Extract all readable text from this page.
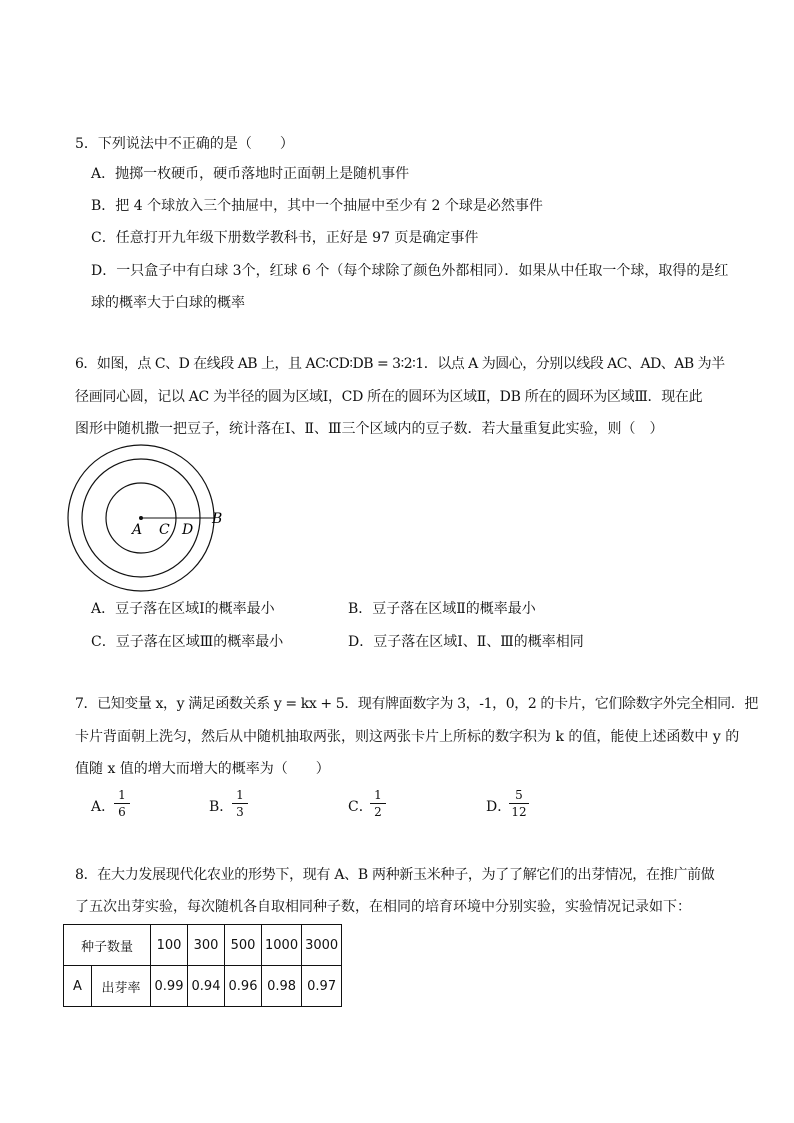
5．下列说法中不正确的是（　　）
A．抛掷一枚硬币，硬币落地时正面朝上是随机事件
B．把 4 个球放入三个抽屉中，其中一个抽屉中至少有 2 个球是必然事件
C．任意打开九年级下册数学教科书，正好是 97 页是确定事件
D．一只盒子中有白球 3个，红球 6 个（每个球除了颜色外都相同）．如果从中任取一个球，取得的是红
球的概率大于白球的概率
6．如图，点 C、D 在线段 AB 上，且 AC∶CD∶DB = 3∶2∶1．以点 A 为圆心，分别以线段 AC、AD、AB 为半
径画同心圆，记以 AC 为半径的圆为区域Ⅰ，CD 所在的圆环为区域Ⅱ，DB 所在的圆环为区域Ⅲ．现在此
图形中随机撒一把豆子，统计落在Ⅰ、Ⅱ、Ⅲ三个区域内的豆子数．若大量重复此实验，则（　）
A C D
B
A．豆子落在区域Ⅰ的概率最小	B．豆子落在区域Ⅱ的概率最小
C．豆子落在区域Ⅲ的概率最小	D．豆子落在区域Ⅰ、Ⅱ、Ⅲ的概率相同
7．已知变量 x，y 满足函数关系 y = kx + 5．现有牌面数字为 3，-1，0，2 的卡片，它们除数字外完全相同．把
卡片背面朝上洗匀，然后从中随机抽取两张，则这两张卡片上所标的数字积为 k 的值，能使上述函数中 y 的
值随 x 值的增大而增大的概率为（　　）
A．
1
6	B．
1
3	C．
1
2	D．
5
12
8．在大力发展现代化农业的形势下，现有 A、B 两种新玉米种子，为了了解它们的出芽情况，在推广前做
了五次出芽实验，每次随机各自取相同种子数，在相同的培育环境中分别实验，实验情况记录如下：
种子数量		100	300	500	1000	3000
A	出芽率	0.99	0.94	0.96	0.98	0.97
